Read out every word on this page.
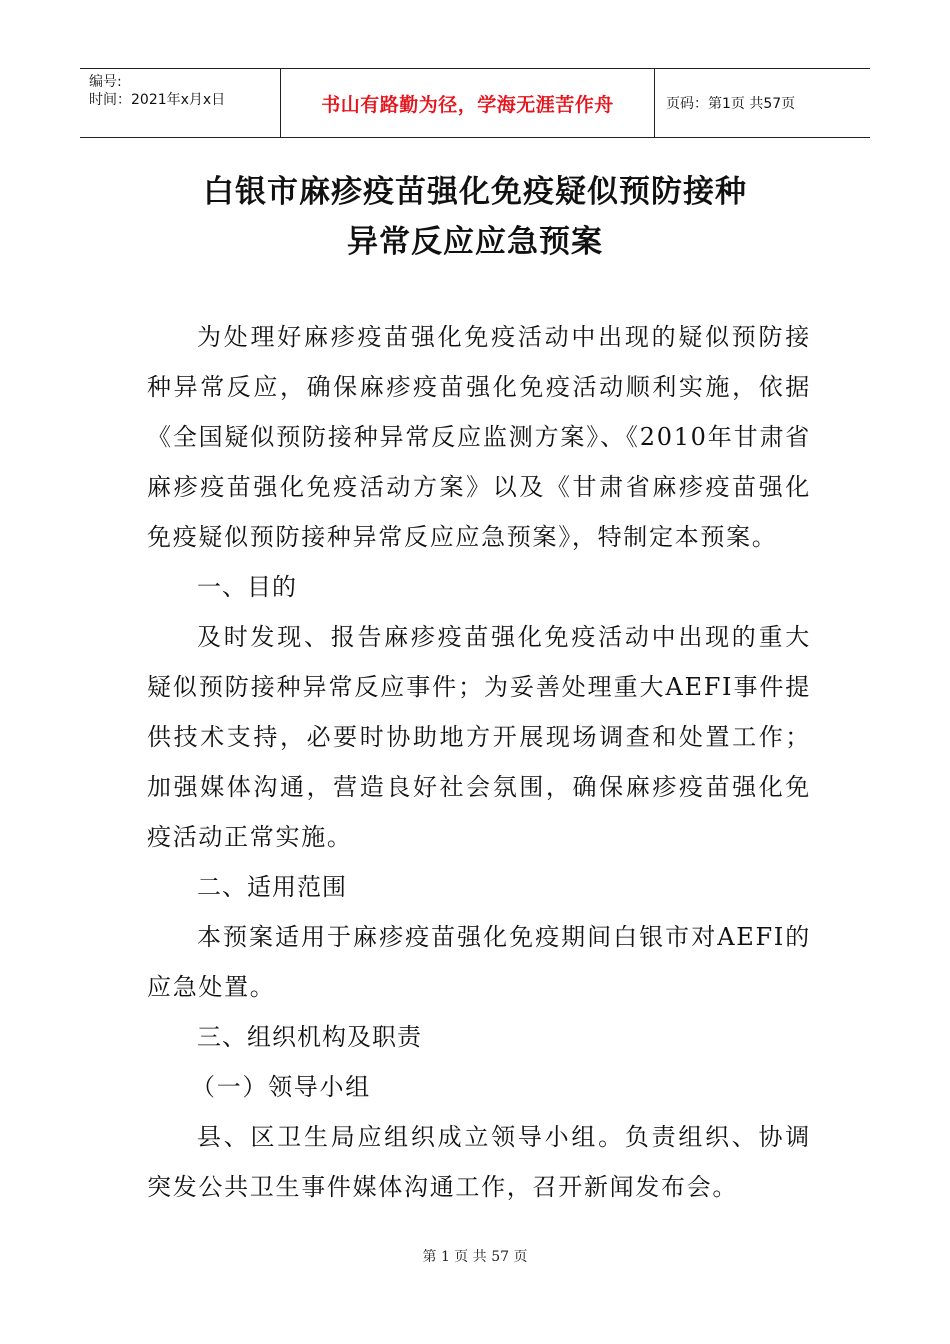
编号:
时间：2021年x月x日	书山有路勤为径，学海无涯苦作舟	页码：第1页 共57页
白银市麻疹疫苗强化免疫疑似预防接种
异常反应应急预案

为处理好麻疹疫苗强化免疫活动中出现的疑似预防接种异常反应，确保麻疹疫苗强化免疫活动顺利实施，依据《全国疑似预防接种异常反应监测方案》、《2010年甘肃省麻疹疫苗强化免疫活动方案》以及《甘肃省麻疹疫苗强化免疫疑似预防接种异常反应应急预案》，特制定本预案。

一、目的

及时发现、报告麻疹疫苗强化免疫活动中出现的重大疑似预防接种异常反应事件；为妥善处理重大AEFI事件提供技术支持，必要时协助地方开展现场调查和处置工作；加强媒体沟通，营造良好社会氛围，确保麻疹疫苗强化免疫活动正常实施。

二、适用范围

本预案适用于麻疹疫苗强化免疫期间白银市对AEFI的应急处置。

三、组织机构及职责

（一）领导小组

县、区卫生局应组织成立领导小组。负责组织、协调突发公共卫生事件媒体沟通工作，召开新闻发布会。

第 1 页 共 57 页
